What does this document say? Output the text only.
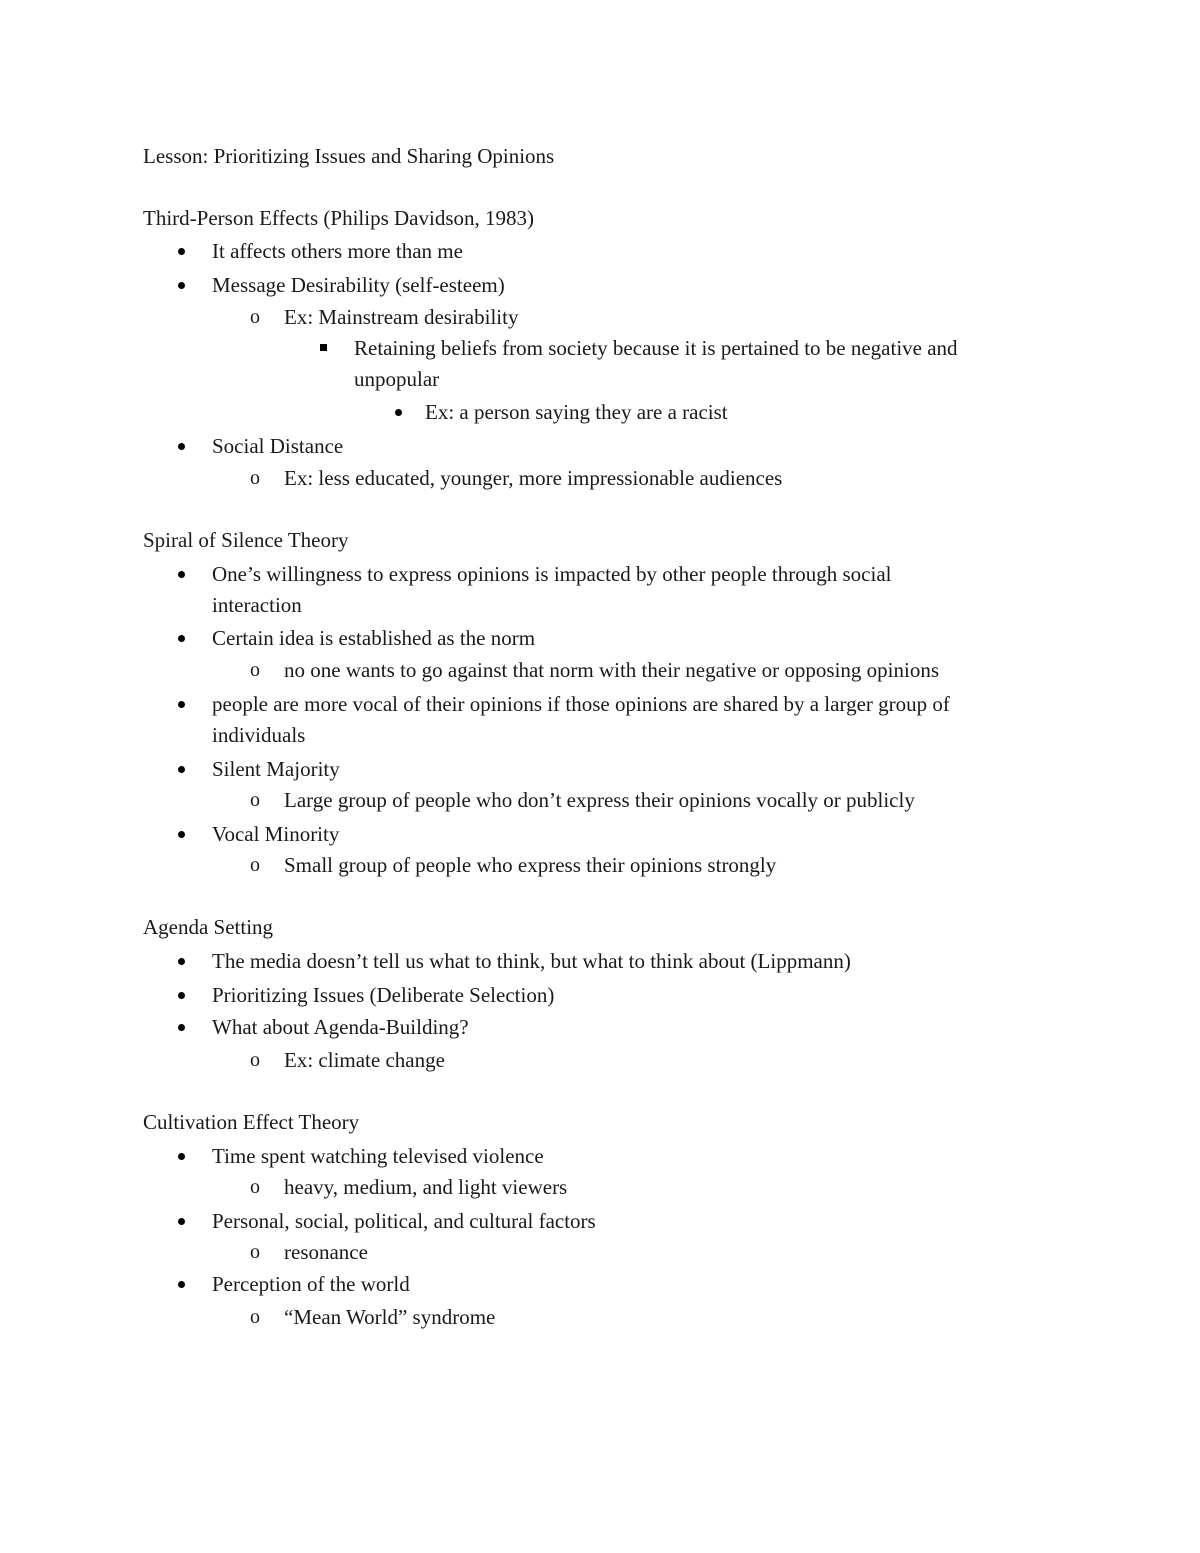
Lesson: Prioritizing Issues and Sharing Opinions
Third-Person Effects (Philips Davidson, 1983)
It affects others more than me
Message Desirability (self-esteem)
o Ex: Mainstream desirability
Retaining beliefs from society because it is pertained to be negative and
unpopular
Ex: a person saying they are a racist
Social Distance
o Ex: less educated, younger, more impressionable audiences
Spiral of Silence Theory
One’s willingness to express opinions is impacted by other people through social
interaction
Certain idea is established as the norm
o no one wants to go against that norm with their negative or opposing opinions
people are more vocal of their opinions if those opinions are shared by a larger group of
individuals
Silent Majority
o Large group of people who don’t express their opinions vocally or publicly
Vocal Minority
o Small group of people who express their opinions strongly
Agenda Setting
The media doesn’t tell us what to think, but what to think about (Lippmann)
Prioritizing Issues (Deliberate Selection)
What about Agenda-Building?
o Ex: climate change
Cultivation Effect Theory
Time spent watching televised violence
o heavy, medium, and light viewers
Personal, social, political, and cultural factors
o resonance
Perception of the world
o “Mean World” syndrome
